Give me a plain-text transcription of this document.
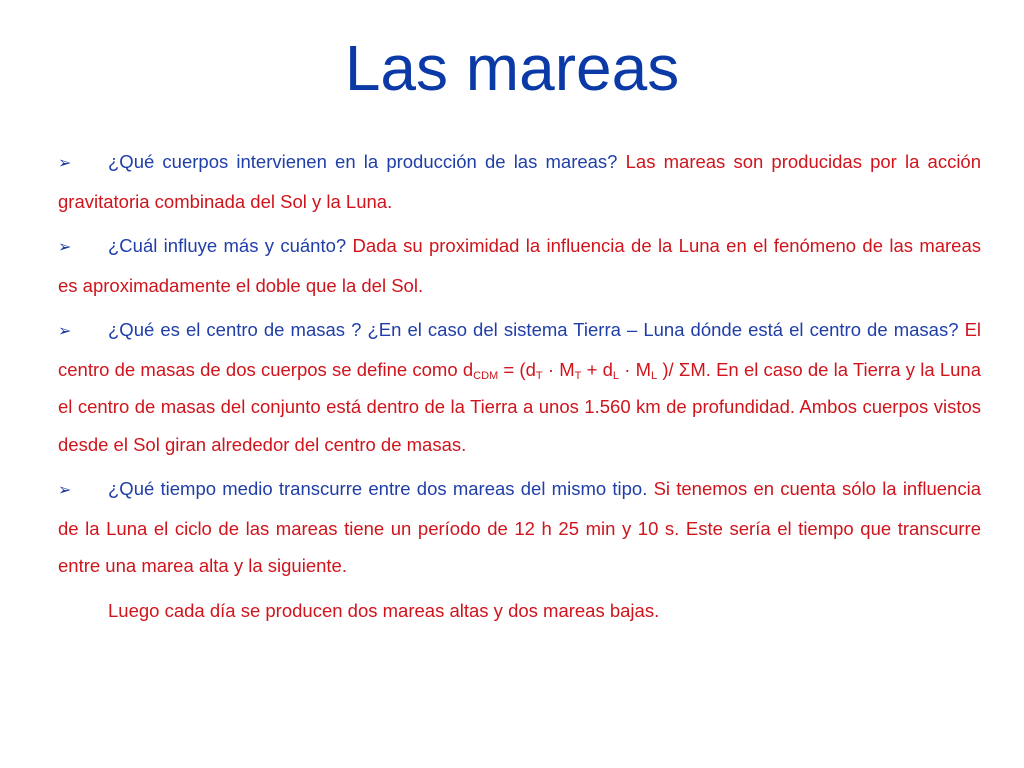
Las mareas

➢ ¿Qué cuerpos intervienen en la producción de las mareas? Las mareas son producidas por la acción gravitatoria combinada del Sol y la Luna.

➢ ¿Cuál influye más y cuánto? Dada su proximidad la influencia de la Luna en el fenómeno de las mareas es aproximadamente el doble que la del Sol.

➢ ¿Qué es el centro de masas ? ¿En el caso del sistema Tierra – Luna dónde está el centro de masas? El centro de masas de dos cuerpos se define como $d_{CDM} = (d_T \cdot M_T + d_L \cdot M_L$ )/ ΣM. En el caso de la Tierra y la Luna el centro de masas del conjunto está dentro de la Tierra a unos 1.560 km de profundidad. Ambos cuerpos vistos desde el Sol giran alrededor del centro de masas.

➢ ¿Qué tiempo medio transcurre entre dos mareas del mismo tipo. Si tenemos en cuenta sólo la influencia de la Luna el ciclo de las mareas tiene un período de 12 h 25 min y 10 s. Este sería el tiempo que transcurre entre una marea alta y la siguiente.

Luego cada día se producen dos mareas altas y dos mareas bajas.
